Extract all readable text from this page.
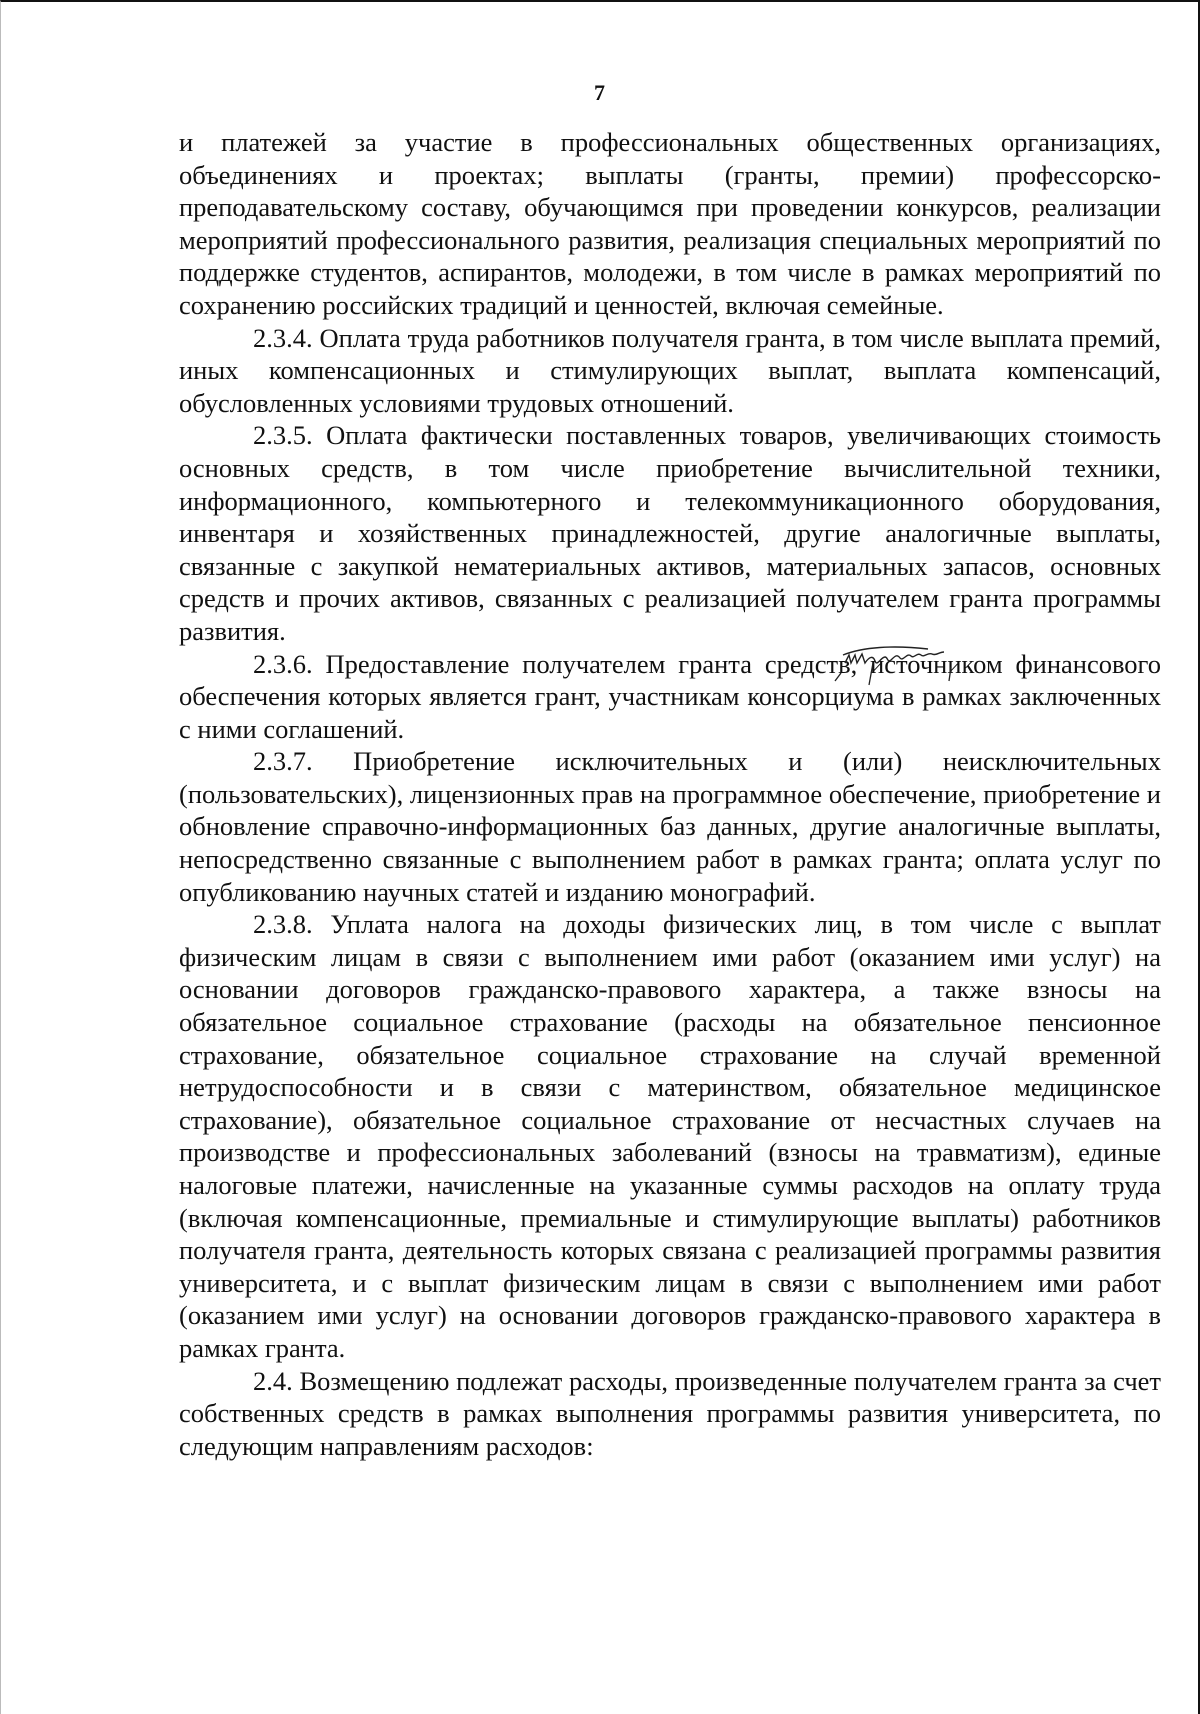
7

и платежей за участие в профессиональных общественных организациях, объединениях и проектах; выплаты (гранты, премии) профессорско-преподавательскому составу, обучающимся при проведении конкурсов, реализации мероприятий профессионального развития, реализация специальных мероприятий по поддержке студентов, аспирантов, молодежи, в том числе в рамках мероприятий по сохранению российских традиций и ценностей, включая семейные.

2.3.4. Оплата труда работников получателя гранта, в том числе выплата премий, иных компенсационных и стимулирующих выплат, выплата компенсаций, обусловленных условиями трудовых отношений.

2.3.5. Оплата фактически поставленных товаров, увеличивающих стоимость основных средств, в том числе приобретение вычислительной техники, информационного, компьютерного и телекоммуникационного оборудования, инвентаря и хозяйственных принадлежностей, другие аналогичные выплаты, связанные с закупкой нематериальных активов, материальных запасов, основных средств и прочих активов, связанных с реализацией получателем гранта программы развития.

2.3.6. Предоставление получателем гранта средств, источником финансового обеспечения которых является грант, участникам консорциума в рамках заключенных с ними соглашений.

2.3.7. Приобретение исключительных и (или) неисключительных (пользовательских), лицензионных прав на программное обеспечение, приобретение и обновление справочно-информационных баз данных, другие аналогичные выплаты, непосредственно связанные с выполнением работ в рамках гранта; оплата услуг по опубликованию научных статей и изданию монографий.

2.3.8. Уплата налога на доходы физических лиц, в том числе с выплат физическим лицам в связи с выполнением ими работ (оказанием ими услуг) на основании договоров гражданско-правового характера, а также взносы на обязательное социальное страхование (расходы на обязательное пенсионное страхование, обязательное социальное страхование на случай временной нетрудоспособности и в связи с материнством, обязательное медицинское страхование), обязательное социальное страхование от несчастных случаев на производстве и профессиональных заболеваний (взносы на травматизм), единые налоговые платежи, начисленные на указанные суммы расходов на оплату труда (включая компенсационные, премиальные и стимулирующие выплаты) работников получателя гранта, деятельность которых связана с реализацией программы развития университета, и с выплат физическим лицам в связи с выполнением ими работ (оказанием ими услуг) на основании договоров гражданско-правового характера в рамках гранта.

2.4. Возмещению подлежат расходы, произведенные получателем гранта за счет собственных средств в рамках выполнения программы развития университета, по следующим направлениям расходов:
